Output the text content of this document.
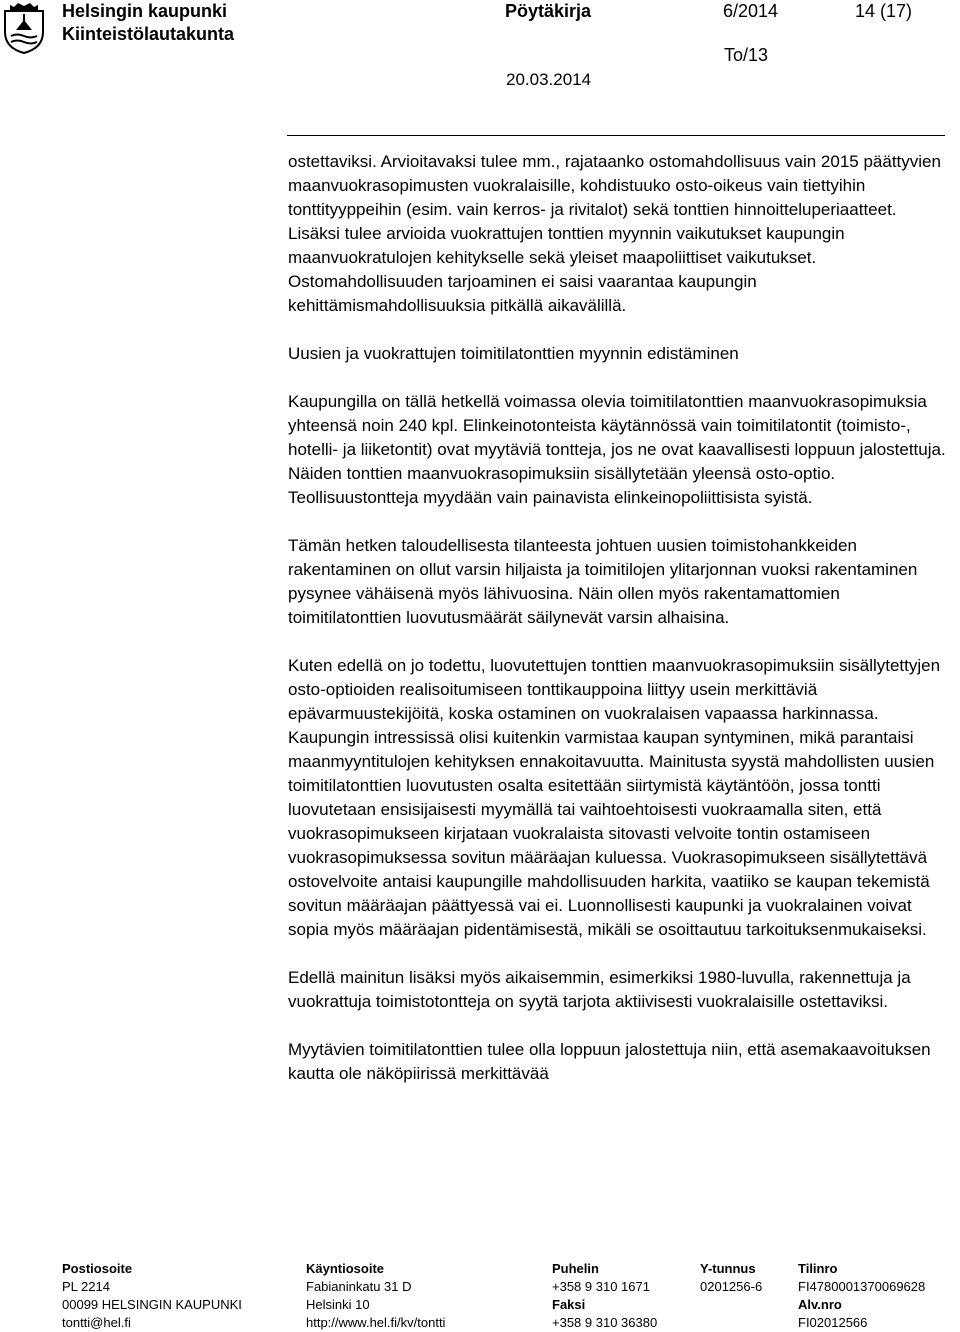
Helsingin kaupunki
Kiinteistölautakunta
Pöytäkirja	6/2014	14 (17)
To/13
20.03.2014

ostettaviksi. Arvioitavaksi tulee mm., rajataanko ostomahdollisuus vain 2015 päättyvien maanvuokrasopimusten vuokralaisille, kohdistuuko osto-oikeus vain tiettyihin tonttityyppeihin (esim. vain kerros- ja rivitalot) sekä tonttien hinnoitteluperiaatteet. Lisäksi tulee arvioida vuokrattujen tonttien myynnin vaikutukset kaupungin maanvuokratulojen kehitykselle sekä yleiset maapoliittiset vaikutukset. Ostomahdollisuuden tarjoaminen ei saisi vaarantaa kaupungin kehittämismahdollisuuksia pitkällä aikavälillä.

Uusien ja vuokrattujen toimitilatonttien myynnin edistäminen

Kaupungilla on tällä hetkellä voimassa olevia toimitilatonttien maanvuokrasopimuksia yhteensä noin 240 kpl. Elinkeinotonteista käytännössä vain toimitilatontit (toimisto-, hotelli- ja liiketontit) ovat myytäviä tontteja, jos ne ovat kaavallisesti loppuun jalostettuja. Näiden tonttien maanvuokrasopimuksiin sisällytetään yleensä osto-optio. Teollisuustontteja myydään vain painavista elinkeinopoliittisista syistä.

Tämän hetken taloudellisesta tilanteesta johtuen uusien toimistohankkeiden rakentaminen on ollut varsin hiljaista ja toimitilojen ylitarjonnan vuoksi rakentaminen pysynee vähäisenä myös lähivuosina. Näin ollen myös rakentamattomien toimitilatonttien luovutusmäärät säilynevät varsin alhaisina.

Kuten edellä on jo todettu, luovutettujen tonttien maanvuokrasopimuksiin sisällytettyjen osto-optioiden realisoitumiseen tonttikauppoina liittyy usein merkittäviä epävarmuustekijöitä, koska ostaminen on vuokralaisen vapaassa harkinnassa. Kaupungin intressissä olisi kuitenkin varmistaa kaupan syntyminen, mikä parantaisi maanmyyntitulojen kehityksen ennakoitavuutta. Mainitusta syystä mahdollisten uusien toimitilatonttien luovutusten osalta esitettään siirtymistä käytäntöön, jossa tontti luovutetaan ensisijaisesti myymällä tai vaihtoehtoisesti vuokraamalla siten, että vuokrasopimukseen kirjataan vuokralaista sitovasti velvoite tontin ostamiseen vuokrasopimuksessa sovitun määräajan kuluessa. Vuokrasopimukseen sisällytettävä ostovelvoite antaisi kaupungille mahdollisuuden harkita, vaatiiko se kaupan tekemistä sovitun määräajan päättyessä vai ei. Luonnollisesti kaupunki ja vuokralainen voivat sopia myös määräajan pidentämisestä, mikäli se osoittautuu tarkoituksenmukaiseksi.

Edellä mainitun lisäksi myös aikaisemmin, esimerkiksi 1980-luvulla, rakennettuja ja vuokrattuja toimistotontteja on syytä tarjota aktiivisesti vuokralaisille ostettaviksi.

Myytävien toimitilatonttien tulee olla loppuun jalostettuja niin, että asemakaavoituksen kautta ole näköpiirissä merkittävää

Postiosoite
PL 2214
00099 HELSINGIN KAUPUNKI
tontti@hel.fi
Käyntiosoite
Fabianinkatu 31 D
Helsinki 10
http://www.hel.fi/kv/tontti
Puhelin
+358 9 310 1671
Faksi
+358 9 310 36380
Y-tunnus
0201256-6
Tilinro
FI4780001370069628
Alv.nro
FI02012566
